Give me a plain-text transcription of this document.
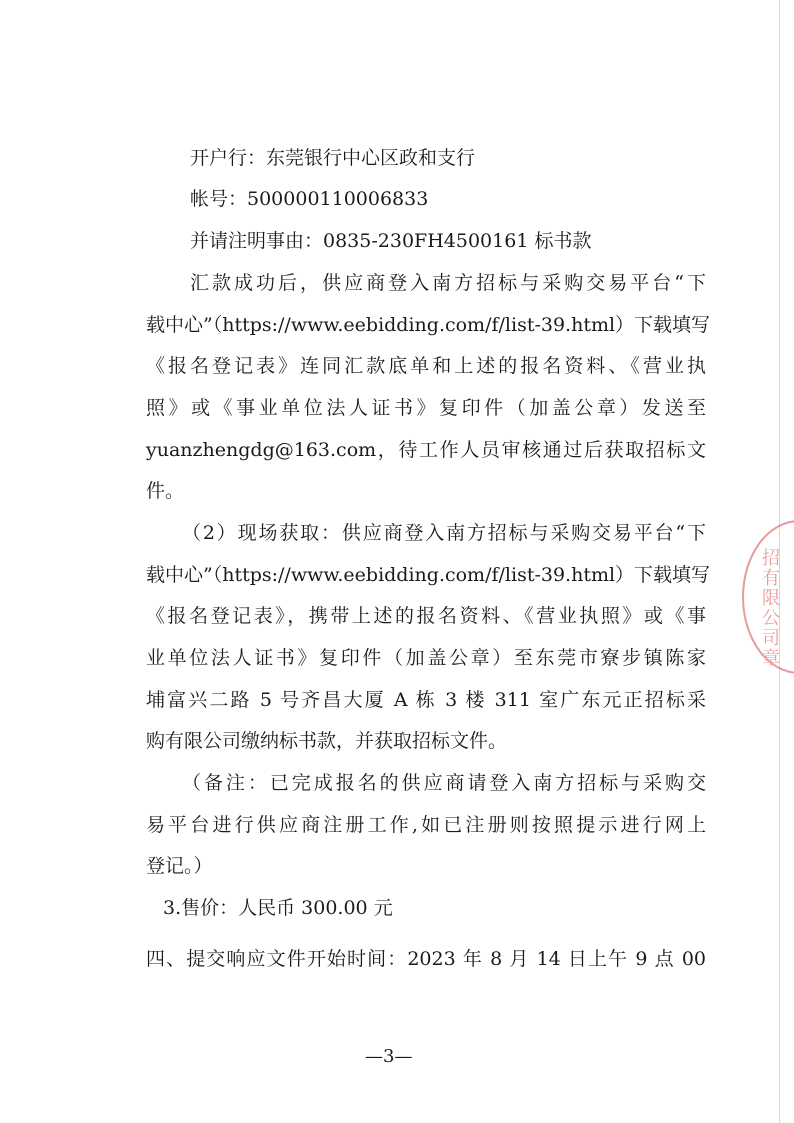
开户行：东莞银行中心区政和支行
帐号：500000110006833
并请注明事由：0835-230FH4500161 标书款
汇款成功后，供应商登入南方招标与采购交易平台“下
载中心”（https://www.eebidding.com/f/list-39.html）下载填写
《报名登记表》连同汇款底单和上述的报名资料、《营业执
照》或《事业单位法人证书》复印件（加盖公章）发送至
yuanzhengdg@163.com，待工作人员审核通过后获取招标文
件。
（2）现场获取：供应商登入南方招标与采购交易平台“下
载中心”（https://www.eebidding.com/f/list-39.html）下载填写
《报名登记表》，携带上述的报名资料、《营业执照》或《事
业单位法人证书》复印件（加盖公章）至东莞市寮步镇陈家
埔富兴二路 5 号齐昌大厦 A 栋 3 楼 311 室广东元正招标采
购有限公司缴纳标书款，并获取招标文件。
（备注：已完成报名的供应商请登入南方招标与采购交
易平台进行供应商注册工作,如已注册则按照提示进行网上
登记。）
3.售价：人民币 300.00 元
四、提交响应文件开始时间：2023 年 8 月 14 日上午 9 点 00
—3—
招有限公司章
